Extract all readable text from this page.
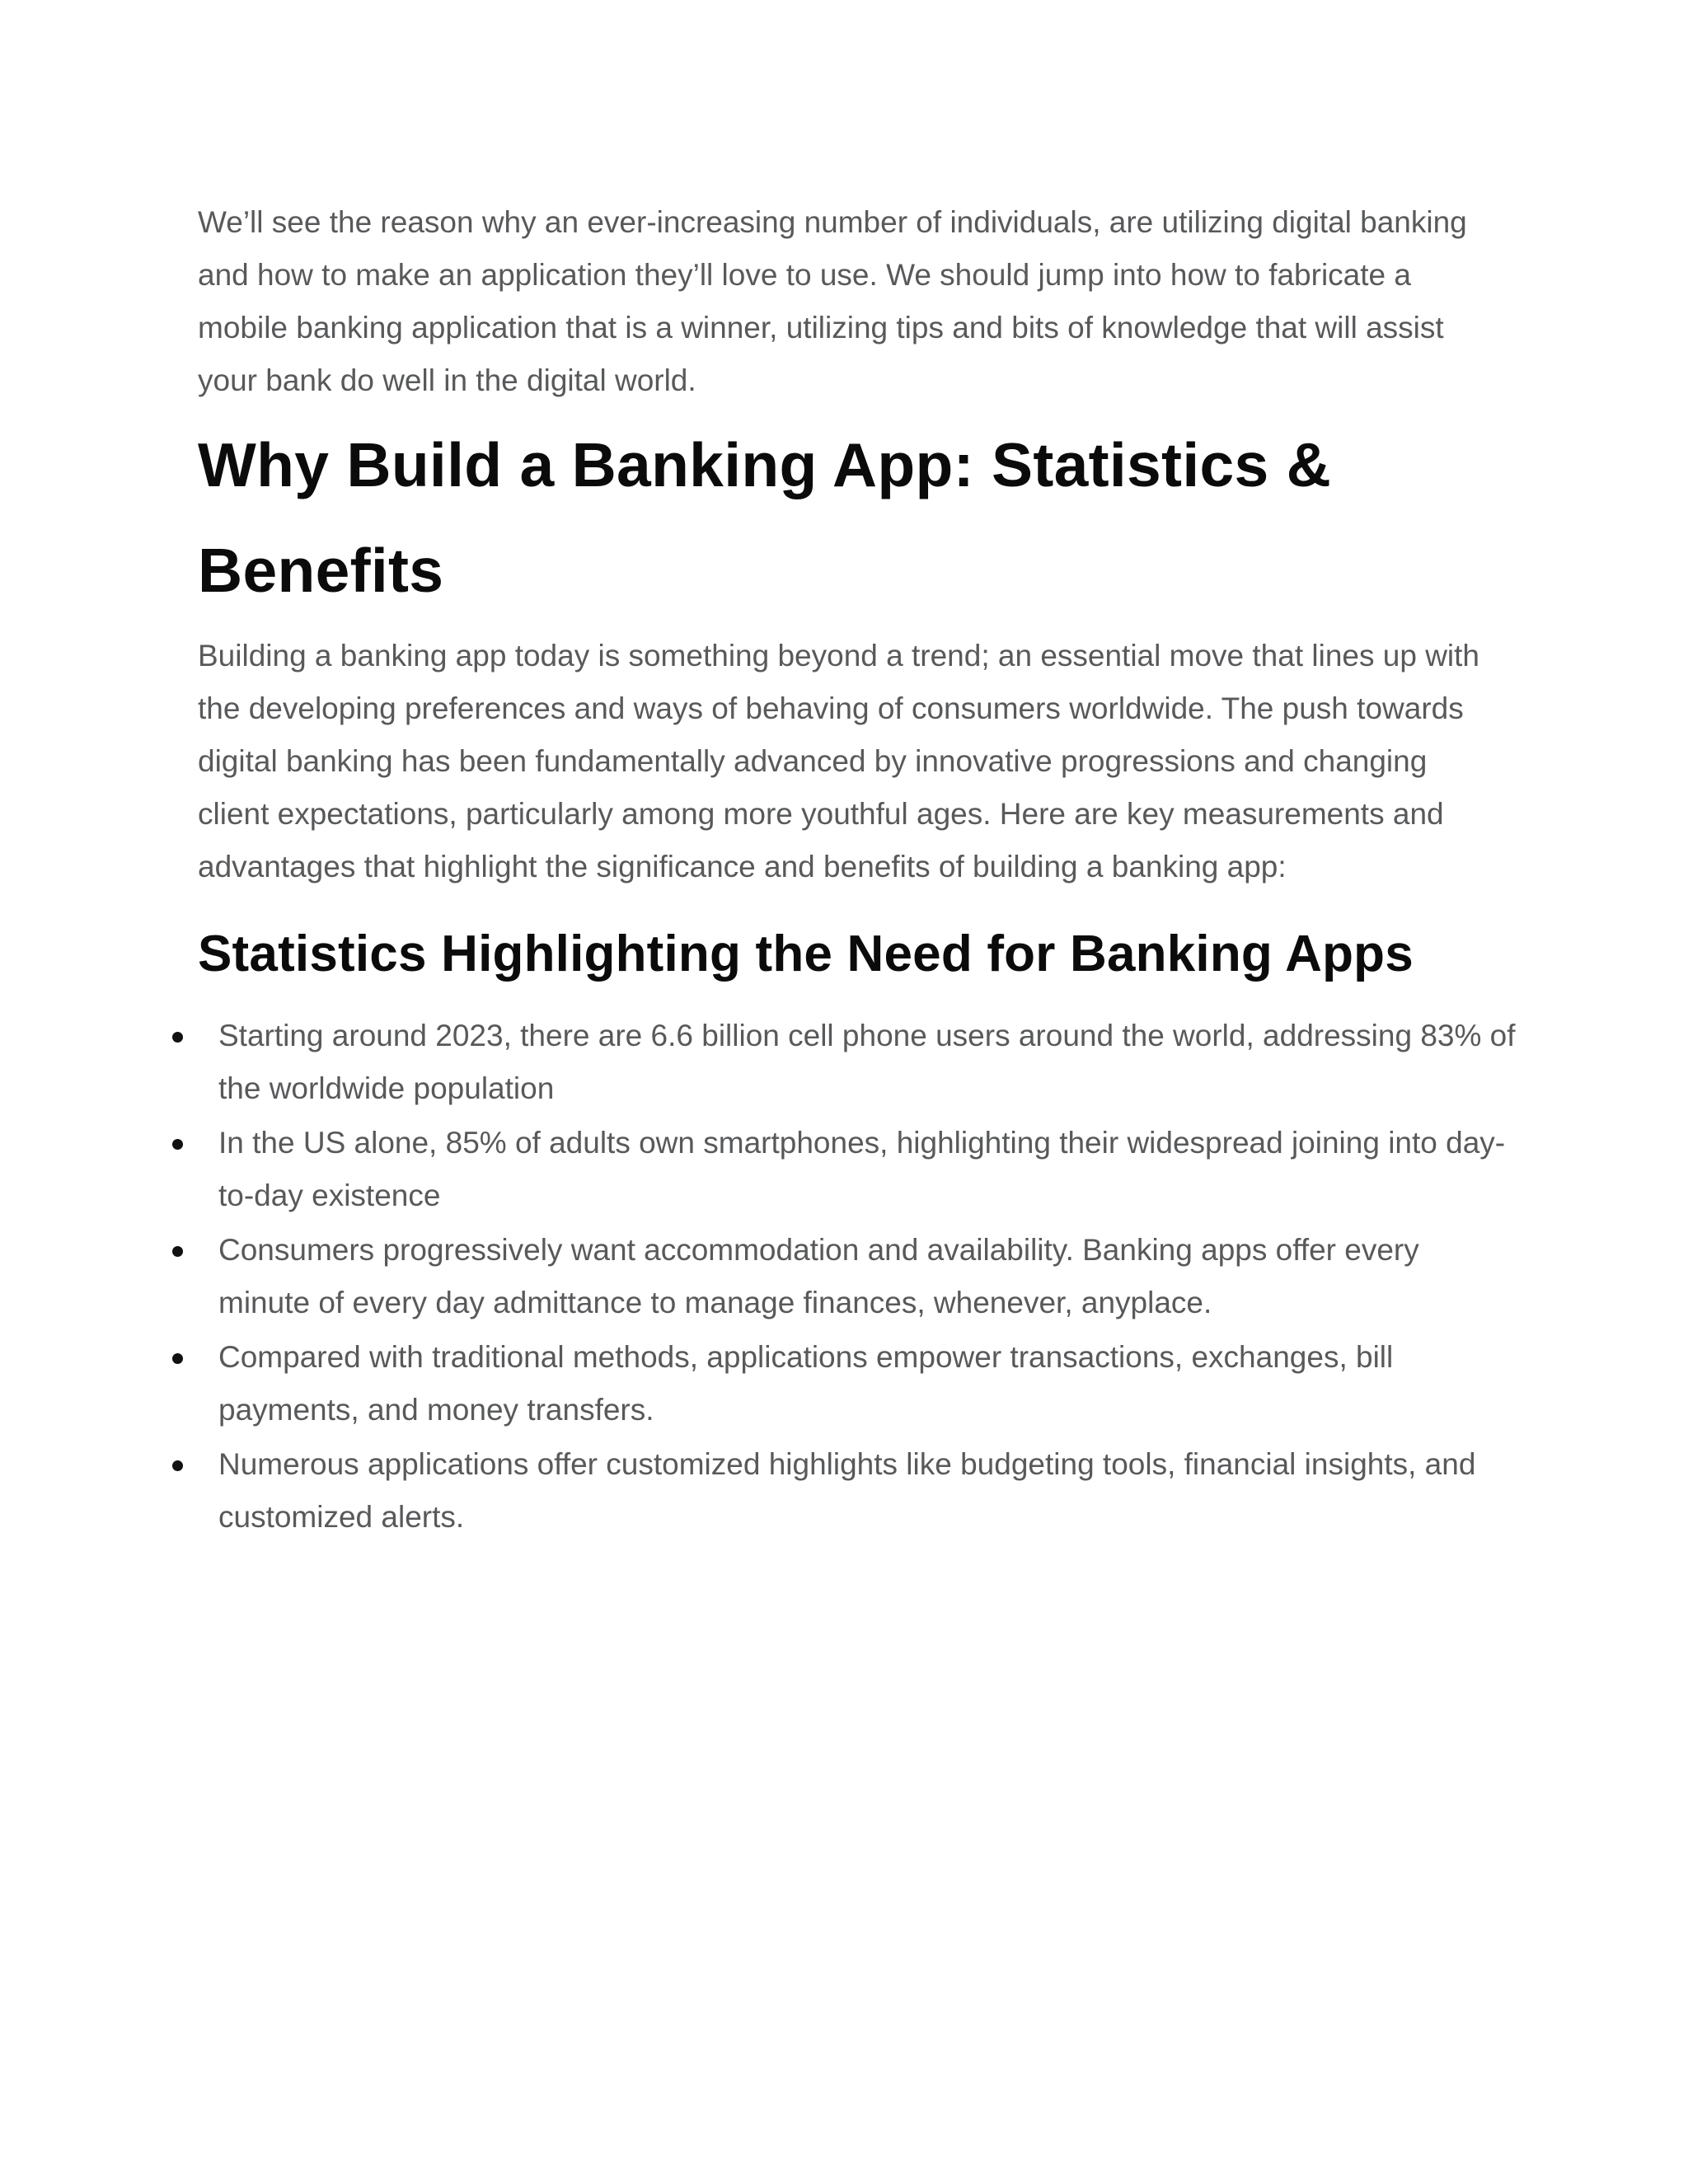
We’ll see the reason why an ever-increasing number of individuals, are utilizing digital banking and how to make an application they’ll love to use. We should jump into how to fabricate a mobile banking application that is a winner, utilizing tips and bits of knowledge that will assist your bank do well in the digital world.

Why Build a Banking App: Statistics & Benefits

Building a banking app today is something beyond a trend; an essential move that lines up with the developing preferences and ways of behaving of consumers worldwide. The push towards digital banking has been fundamentally advanced by innovative progressions and changing client expectations, particularly among more youthful ages. Here are key measurements and advantages that highlight the significance and benefits of building a banking app:

Statistics Highlighting the Need for Banking Apps
Starting around 2023, there are 6.6 billion cell phone users around the world, addressing 83% of the worldwide population
In the US alone, 85% of adults own smartphones, highlighting their widespread joining into day-to-day existence
Consumers progressively want accommodation and availability. Banking apps offer every minute of every day admittance to manage finances, whenever, anyplace.
Compared with traditional methods, applications empower transactions, exchanges, bill payments, and money transfers.
Numerous applications offer customized highlights like budgeting tools, financial insights, and customized alerts.
